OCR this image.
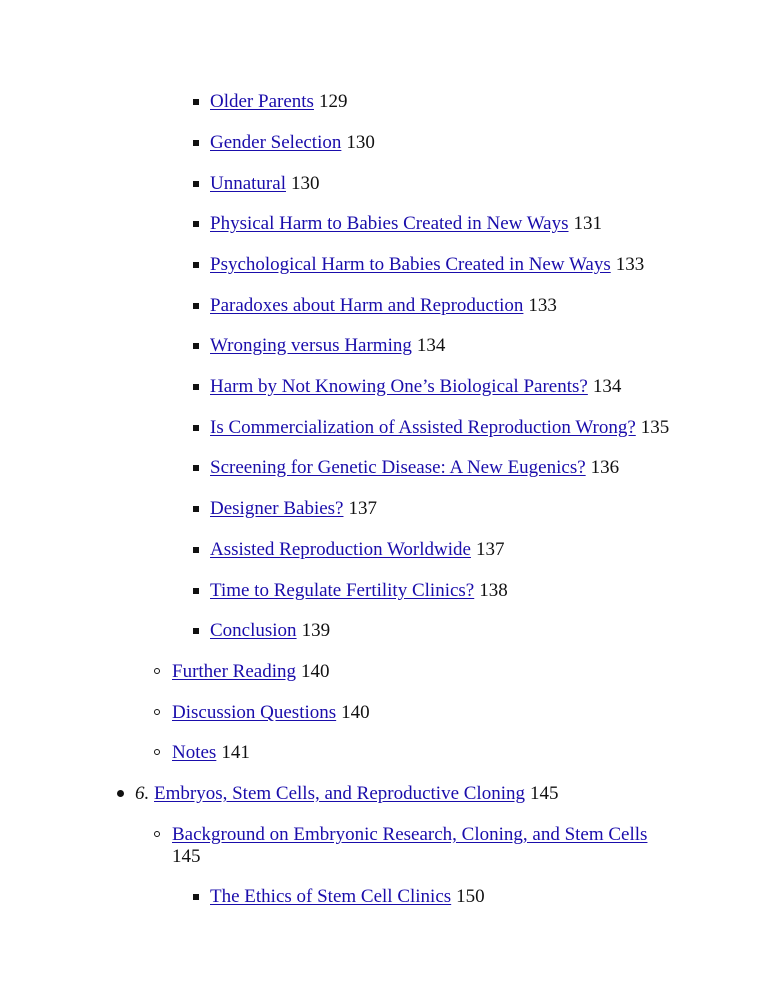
Older Parents 129
Gender Selection 130
Unnatural 130
Physical Harm to Babies Created in New Ways 131
Psychological Harm to Babies Created in New Ways 133
Paradoxes about Harm and Reproduction 133
Wronging versus Harming 134
Harm by Not Knowing One’s Biological Parents? 134
Is Commercialization of Assisted Reproduction Wrong? 135
Screening for Genetic Disease: A New Eugenics? 136
Designer Babies? 137
Assisted Reproduction Worldwide 137
Time to Regulate Fertility Clinics? 138
Conclusion 139
Further Reading 140
Discussion Questions 140
Notes 141
6. Embryos, Stem Cells, and Reproductive Cloning 145
Background on Embryonic Research, Cloning, and Stem Cells
145
The Ethics of Stem Cell Clinics 150
